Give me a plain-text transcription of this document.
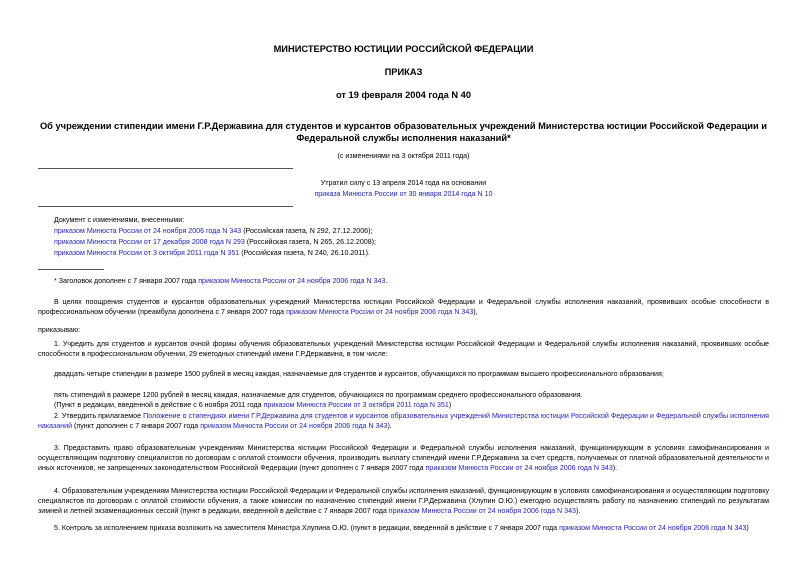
МИНИСТЕРСТВО ЮСТИЦИИ РОССИЙСКОЙ ФЕДЕРАЦИИ
ПРИКАЗ
от 19 февраля 2004 года N 40
Об учреждении стипендии имени Г.Р.Державина для студентов и курсантов образовательных учреждений Министерства юстиции Российской Федерации и
Федеральной службы исполнения наказаний*
(с изменениями на 3 октября 2011 года)
Утратил силу с 13 апреля 2014 года на основании
приказа Минюста России от 30 января 2014 года N 10
Документ с изменениями, внесенными:
приказом Минюста России от 24 ноября 2006 года N 343 (Российская газета, N 292, 27.12.2006);
приказом Минюста России от 17 декабря 2008 года N 293 (Российская газета, N 265, 26.12.2008);
приказом Минюста России от 3 октября 2011 года N 351 (Российская газета, N 240, 26.10.2011).
* Заголовок дополнен с 7 января 2007 года приказом Минюста России от 24 ноября 2006 года N 343.
В целях поощрения студентов и курсантов образовательных учреждений Министерства юстиции Российской Федерации и Федеральной службы исполнения наказаний, проявивших особые способности в профессиональном обучении (преамбула дополнена с 7 января 2007 года приказом Минюста России от 24 ноября 2006 года N 343),
приказываю:
1. Учредить для студентов и курсантов очной формы обучения образовательных учреждений Министерства юстиции Российской Федерации и Федеральной службы исполнения наказаний, проявивших особые способности в профессиональном обучении, 29 ежегодных стипендий имени Г.Р.Державина, в том числе:
двадцать четыре стипендии в размере 1500 рублей в месяц каждая, назначаемые для студентов и курсантов, обучающихся по программам высшего профессионального образования;
пять стипендий в размере 1200 рублей в месяц каждая, назначаемые для студентов, обучающихся по программам среднего профессионального образования.
(Пункт в редакции, введенной в действие с 6 ноября 2011 года приказом Минюста России от 3 октября 2011 года N 351)
2. Утвердить прилагаемое Положение о стипендиях имени Г.Р.Державина для студентов и курсантов образовательных учреждений Министерства юстиции Российской Федерации и Федеральной службы исполнения наказаний (пункт дополнен с 7 января 2007 года приказом Минюста России от 24 ноября 2006 года N 343).
3. Предоставить право образовательным учреждениям Министерства юстиции Российской Федерации и Федеральной службы исполнения наказаний, функционирующим в условиях самофинансирования и осуществляющим подготовку специалистов по договорам с оплатой стоимости обучения, производить выплату стипендий имени Г.Р.Державина за счет средств, получаемых от платной образовательной деятельности и иных источников, не запрещенных законодательством Российской Федерации (пункт дополнен с 7 января 2007 года приказом Минюста России от 24 ноября 2006 года N 343).
4. Образовательным учреждениям Министерства юстиции Российской Федерации и Федеральной службы исполнения наказаний, функционирующим в условиях самофинансирования и осуществляющим подготовку специалистов по договорам с оплатой стоимости обучения, а также комиссии по назначению стипендий имени Г.Р.Державина (Хлупин О.Ю.) ежегодно осуществлять работу по назначению стипендий по результатам зимней и летней экзаменационных сессий (пункт в редакции, введенной в действие с 7 января 2007 года приказом Минюста России от 24 ноября 2006 года N 343).
5. Контроль за исполнением приказа возложить на заместителя Министра Хлупина О.Ю. (пункт в редакции, введенной в действие с 7 января 2007 года приказом Минюста России от 24 ноября 2006 года N 343)
